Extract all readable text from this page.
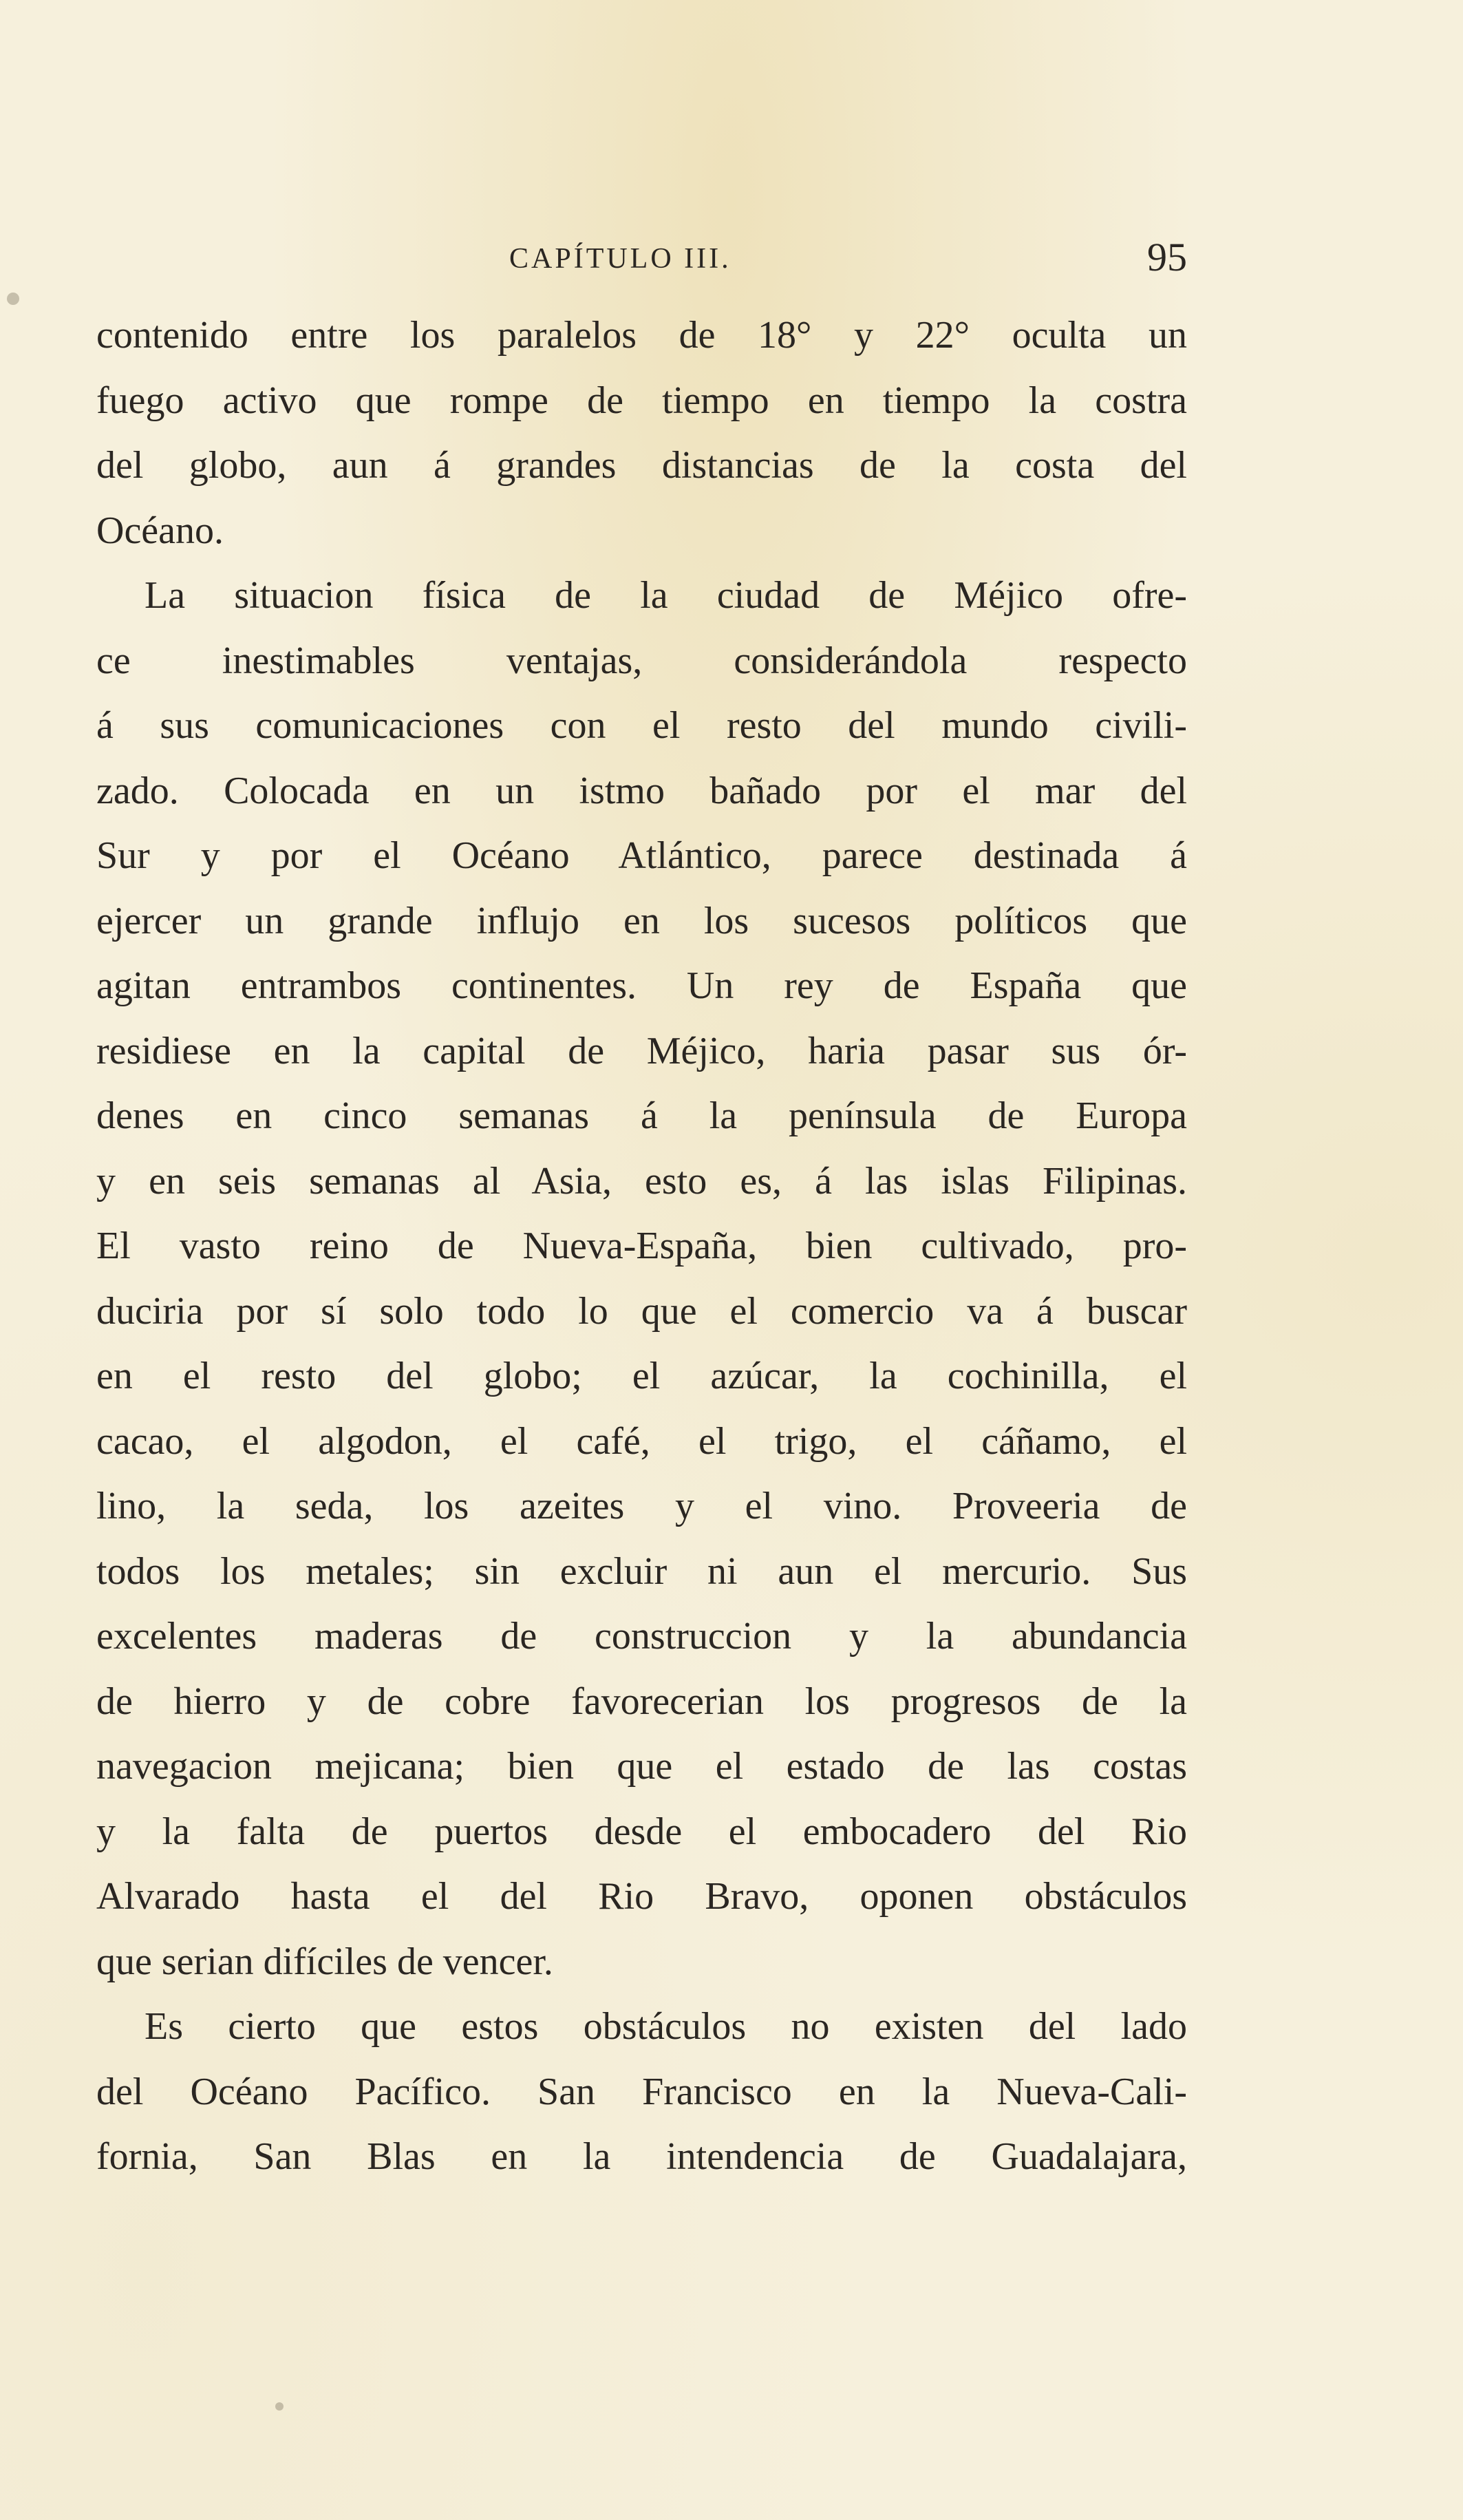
CAPÍTULO III.	95
contenido entre los paralelos de 18° y 22° oculta un
fuego activo que rompe de tiempo en tiempo la costra
del globo, aun á grandes distancias de la costa del
Océano.
La situacion física de la ciudad de Méjico ofre-
ce inestimables ventajas, considerándola respecto
á sus comunicaciones con el resto del mundo civili-
zado. Colocada en un istmo bañado por el mar del
Sur y por el Océano Atlántico, parece destinada á
ejercer un grande influjo en los sucesos políticos que
agitan entrambos continentes. Un rey de España que
residiese en la capital de Méjico, haria pasar sus ór-
denes en cinco semanas á la península de Europa
y en seis semanas al Asia, esto es, á las islas Filipinas.
El vasto reino de Nueva-España, bien cultivado, pro-
duciria por sí solo todo lo que el comercio va á buscar
en el resto del globo; el azúcar, la cochinilla, el
cacao, el algodon, el café, el trigo, el cáñamo, el
lino, la seda, los azeites y el vino. Proveeria de
todos los metales; sin excluir ni aun el mercurio. Sus
excelentes maderas de construccion y la abundancia
de hierro y de cobre favorecerian los progresos de la
navegacion mejicana; bien que el estado de las costas
y la falta de puertos desde el embocadero del Rio
Alvarado hasta el del Rio Bravo, oponen obstáculos
que serian difíciles de vencer.
Es cierto que estos obstáculos no existen del lado
del Océano Pacífico. San Francisco en la Nueva-Cali-
fornia, San Blas en la intendencia de Guadalajara,
